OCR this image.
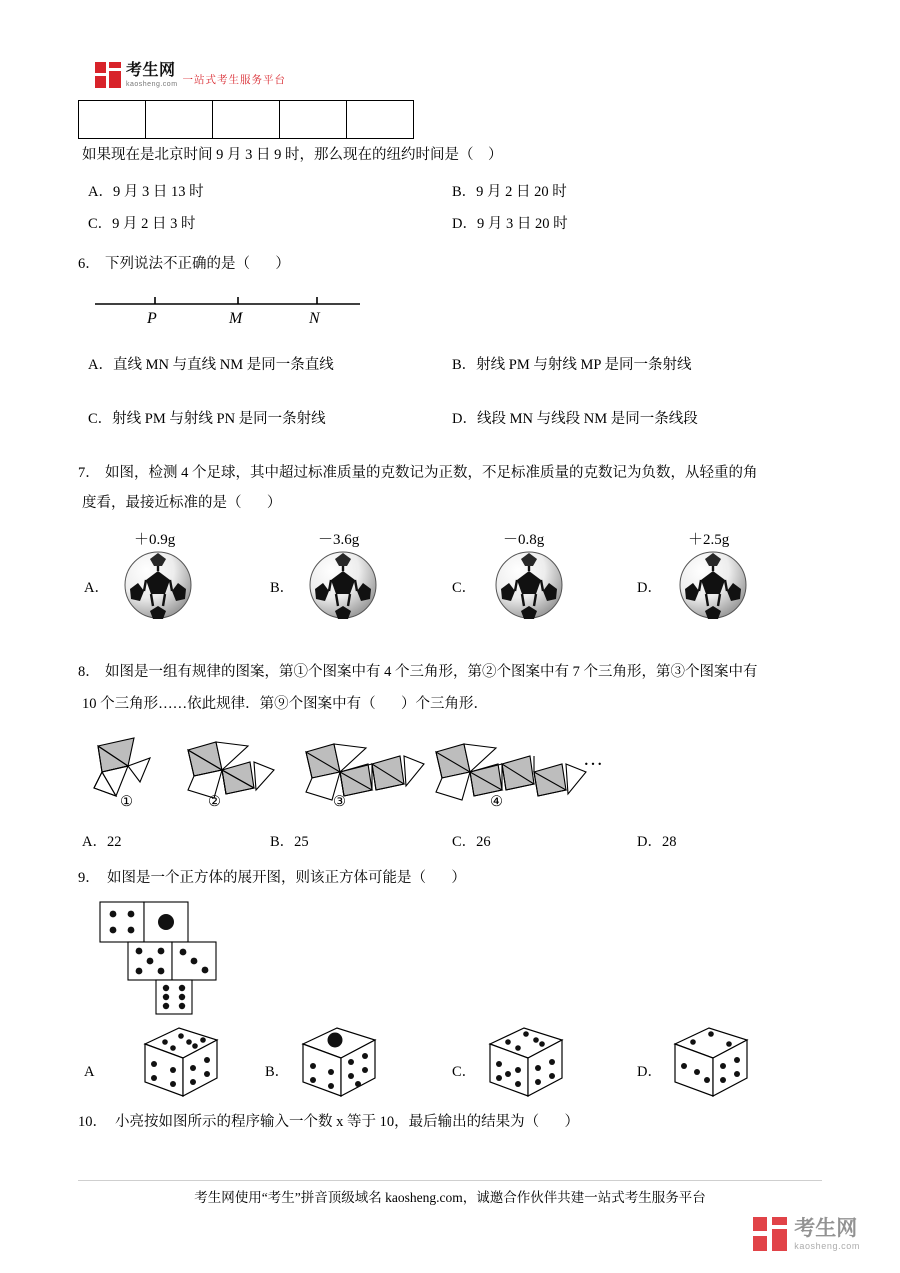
考生网
kaosheng.com 一站式考生服务平台

如果现在是北京时间 9 月 3 日 9 时，那么现在的纽约时间是（    ）
A．9 月 3 日 13 时	B．9 月 2 日 20 时
C．9 月 2 日 3 时	D．9 月 3 日 20 时
6． 下列说法不正确的是（       ）
P	M	N
A．直线 MN 与直线 NM 是同一条直线	B．射线 PM 与射线 MP 是同一条射线
C．射线 PM 与射线 PN 是同一条射线	D．线段 MN 与线段 NM 是同一条线段
7． 如图，检测 4 个足球，其中超过标准质量的克数记为正数，不足标准质量的克数记为负数，从轻重的角
度看，最接近标准的是（       ）
＋0.9g	－3.6g	－0.8g	＋2.5g
A．	B．	C．	D．
8． 如图是一组有规律的图案，第①个图案中有 4 个三角形，第②个图案中有 7 个三角形，第③个图案中有
10 个三角形……依此规律．第⑨个图案中有（       ）个三角形．
…
①	②	③	④
A．22	B．25	C．26	D．28
9． 如图是一个正方体的展开图，则该正方体可能是（       ）
A	B．	C．	D．
10． 小亮按如图所示的程序输入一个数 x 等于 10，最后输出的结果为（       ）
考生网使用“考生”拼音顶级域名 kaosheng.com，诚邀合作伙伴共建一站式考生服务平台
考生网
kaosheng.com
